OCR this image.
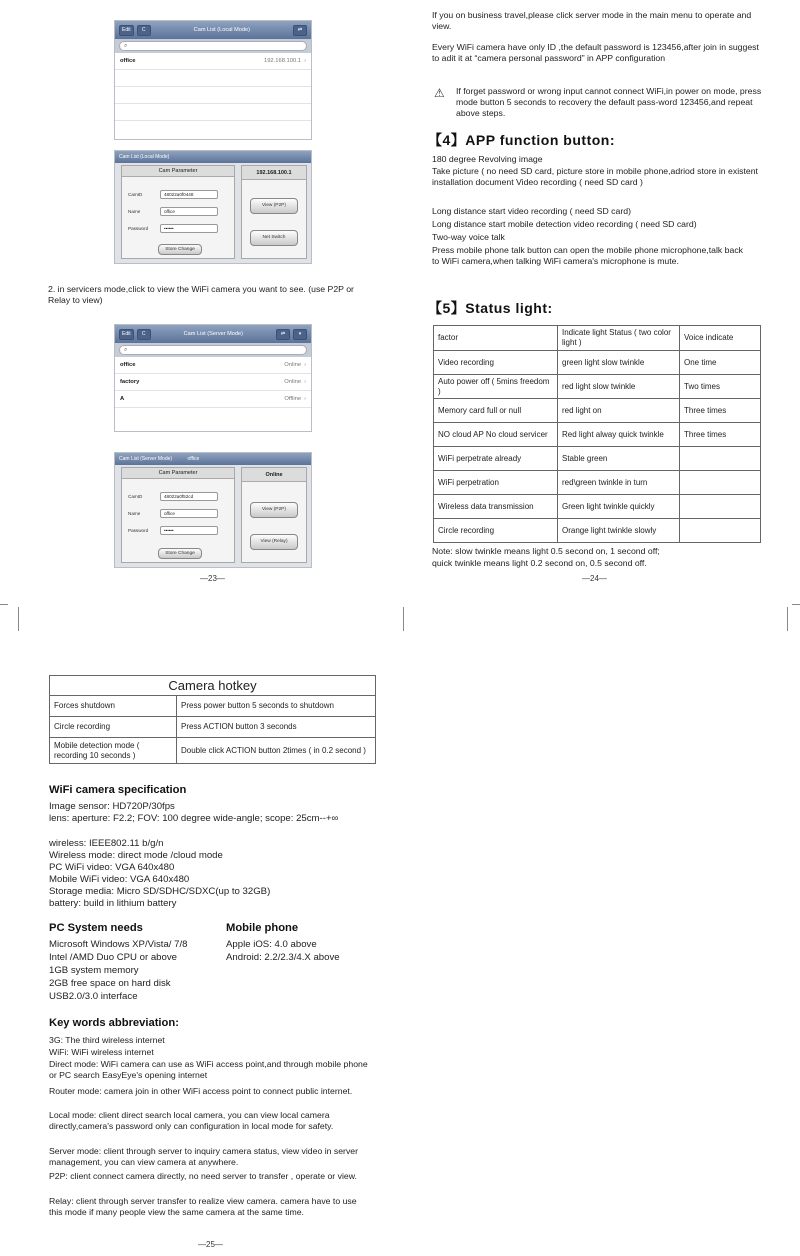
Edit	C	Cam List (Local Mode)	⇄
⌕
office	192.168.100.1 ›
Cam List (Local Mode)
Cam Parameter
CamID	48022a0f0448
Name	office
Password	••••••
Store Change
192.168.100.1
View (P2P)
Net Switch
2. in servicers mode,click to view the WiFi camera you want to see. (use P2P or Relay to view)
Edit	C	Cam List (Server Mode)	⇄	▾
⌕
office	Online ›
factory	Online ›
A	Offline ›
Cam List (Server Mode)	office
Cam Parameter
CamID	48022a0f52cd
Name	office
Password	••••••
Store Change
Online
View (P2P)
View (Relay)
—23—
If you on business travel,please click server mode in the main menu to operate and view.
Every WiFi camera have only ID ,the default password is 123456,after join in suggest to adit it at “camera personal password” in APP configuration
⚠ If forget password or wrong input cannot connect WiFi,in power on mode, press mode button 5 seconds to recovery the default pass-word 123456,and repeat above steps.
【4】APP function button:
180 degree Revolving image
Take picture ( no need SD card, picture store in mobile phone,adriod store in existent installation document Video recording ( need SD card )
Long distance start video recording ( need SD card)
Long distance start mobile detection video recording ( need SD card)
Two-way voice talk
Press mobile phone talk button can open the mobile phone microphone,talk back to WiFi camera,when talking WiFi camera's microphone is mute.
【5】Status light:
factor	Indicate light Status ( two color light )	Voice indicate
Video recording	green light slow twinkle	One time
Auto power off ( 5mins freedom )	red light slow twinkle	Two times
Memory card full or null	red light on	Three times
NO cloud AP No cloud servicer	Red light alway quick twinkle	Three times
WiFi perpetrate already	Stable green	
WiFi perpetration	red\green twinkle in turn	
Wireless data transmission	Green light twinkle quickly	
Circle recording	Orange light twinkle slowly	
Note: slow twinkle means light 0.5 second on, 1 second off;
quick twinkle means light 0.2 second on, 0.5 second off.
—24—
Camera hotkey	
Forces shutdown	Press power button 5 seconds to shutdown
Circle recording	Press ACTION button 3 seconds
Mobile detection mode ( recording 10 seconds )	Double click ACTION button 2times ( in 0.2 second )
WiFi camera specification
Image sensor: HD720P/30fps
lens: aperture: F2.2; FOV: 100 degree wide-angle; scope: 25cm--+∞
wireless: IEEE802.11 b/g/n
Wireless mode: direct mode /cloud mode
PC WiFi video: VGA 640x480
Mobile WiFi video: VGA 640x480
Storage media: Micro SD/SDHC/SDXC(up to 32GB)
battery: build in lithium battery
PC System needs
Microsoft Windows XP/Vista/ 7/8
Intel /AMD Duo CPU or above
1GB system memory
2GB free space on hard disk
USB2.0/3.0 interface
Mobile phone
Apple iOS: 4.0 above
Android: 2.2/2.3/4.X above
Key words abbreviation:
3G: The third wireless internet
WiFi: WiFi wireless internet
Direct mode: WiFi camera can use as WiFi access point,and through mobile phone or PC search EasyEye's opening internet
Router mode: camera join in other WiFi access point to connect public internet.
Local mode: client direct search local camera, you can view local camera directly,camera's password only can configuration in local mode for safety.
Server mode: client through server to inquiry camera status, view video in server management, you can view camera at anywhere.
P2P: client connect camera directly, no need server to transfer , operate or view.
Relay: client through server transfer to realize view camera. camera have to use this mode if many people view the same camera at the same time.
—25—
